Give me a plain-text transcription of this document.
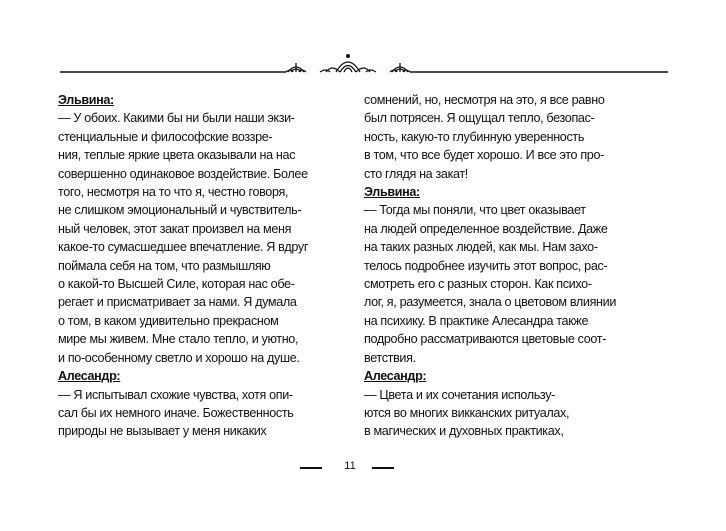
Эльвина:
— У обоих. Какими бы ни были наши экзи-
стенциальные и философские воззре-
ния, теплые яркие цвета оказывали на нас
совершенно одинаковое воздействие. Более
того, несмотря на то что я, честно говоря,
не слишком эмоциональный и чувствитель-
ный человек, этот закат произвел на меня
какое-то сумасшедшее впечатление. Я вдруг
поймала себя на том, что размышляю
о какой-то Высшей Силе, которая нас обе-
регает и присматривает за нами. Я думала
о том, в каком удивительно прекрасном
мире мы живем. Мне стало тепло, и уютно,
и по-особенному светло и хорошо на душе.
Алесандр:
— Я испытывал схожие чувства, хотя опи-
сал бы их немного иначе. Божественность
природы не вызывает у меня никаких
сомнений, но, несмотря на это, я все равно
был потрясен. Я ощущал тепло, безопас-
ность, какую-то глубинную уверенность
в том, что все будет хорошо. И все это про-
сто глядя на закат!
Эльвина:
— Тогда мы поняли, что цвет оказывает
на людей определенное воздействие. Даже
на таких разных людей, как мы. Нам захо-
телось подробнее изучить этот вопрос, рас-
смотреть его с разных сторон. Как психо-
лог, я, разумеется, знала о цветовом влиянии
на психику. В практике Алесандра также
подробно рассматриваются цветовые соот-
ветствия.
Алесандр:
— Цвета и их сочетания использу-
ются во многих викканских ритуалах,
в магических и духовных практиках,
11
